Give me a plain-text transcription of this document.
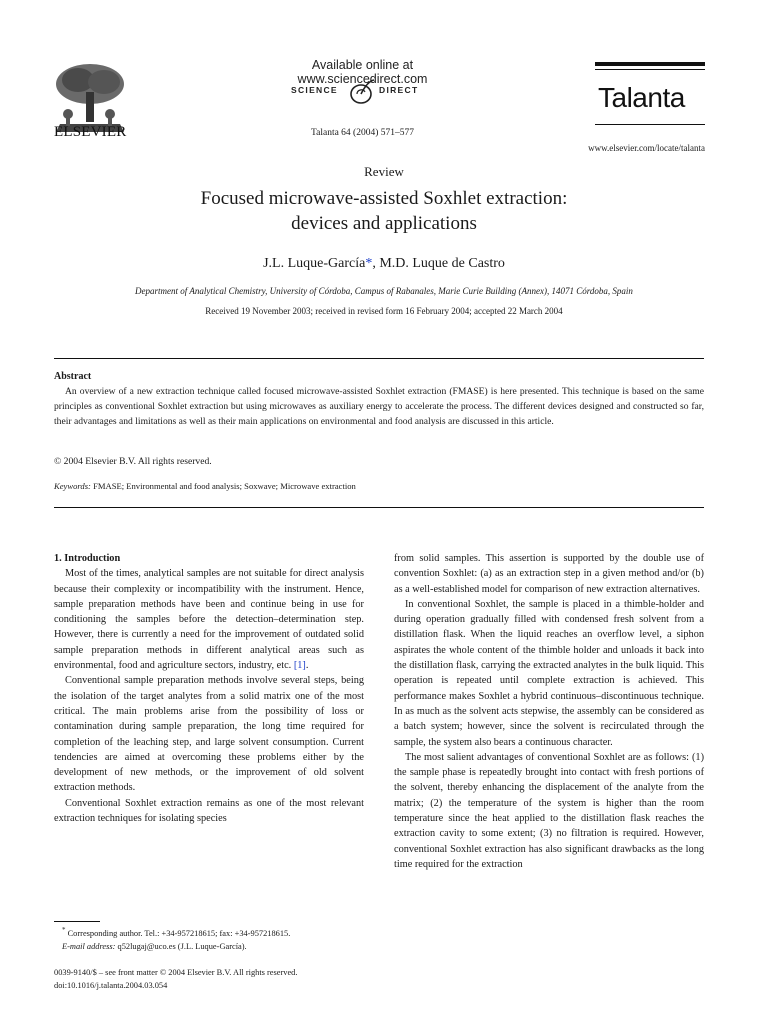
ELSEVIER
Available online at www.sciencedirect.com
SCIENCE	DIRECT
Talanta 64 (2004) 571–577
Talanta
www.elsevier.com/locate/talanta
Review
Focused microwave-assisted Soxhlet extraction:
devices and applications
J.L. Luque-García*, M.D. Luque de Castro
Department of Analytical Chemistry, University of Córdoba, Campus of Rabanales, Marie Curie Building (Annex), 14071 Córdoba, Spain
Received 19 November 2003; received in revised form 16 February 2004; accepted 22 March 2004
Abstract
An overview of a new extraction technique called focused microwave-assisted Soxhlet extraction (FMASE) is here presented. This technique is based on the same principles as conventional Soxhlet extraction but using microwaves as auxiliary energy to accelerate the process. The different devices designed and constructed so far, their advantages and limitations as well as their main applications on environmental and food analysis are discussed in this article.
© 2004 Elsevier B.V. All rights reserved.
Keywords: FMASE; Environmental and food analysis; Soxwave; Microwave extraction

1. Introduction

Most of the times, analytical samples are not suitable for direct analysis because their complexity or incompatibility with the instrument. Hence, sample preparation methods have been and continue being in use for conditioning the samples before the detection–determination step. However, there is currently a need for the improvement of outdated solid sample preparation methods in different analytical areas such as environmental, food and agriculture sectors, industry, etc. [1].

Conventional sample preparation methods involve several steps, being the isolation of the target analytes from a solid matrix one of the most critical. The main problems arise from the possibility of loss or contamination during sample preparation, the long time required for completion of the leaching step, and large solvent consumption. Current tendencies are aimed at overcoming these problems either by the development of new methods, or the improvement of old solvent extraction methods.

Conventional Soxhlet extraction remains as one of the most relevant extraction techniques for isolating species

from solid samples. This assertion is supported by the double use of convention Soxhlet: (a) as an extraction step in a given method and/or (b) as a well-established model for comparison of new extraction alternatives.

In conventional Soxhlet, the sample is placed in a thimble-holder and during operation gradually filled with condensed fresh solvent from a distillation flask. When the liquid reaches an overflow level, a siphon aspirates the whole content of the thimble holder and unloads it back into the distillation flask, carrying the extracted analytes in the bulk liquid. This operation is repeated until complete extraction is achieved. This performance makes Soxhlet a hybrid continuous–discontinuous technique. In as much as the solvent acts stepwise, the assembly can be considered as a batch system; however, since the solvent is recirculated through the sample, the system also bears a continuous character.

The most salient advantages of conventional Soxhlet are as follows: (1) the sample phase is repeatedly brought into contact with fresh portions of the solvent, thereby enhancing the displacement of the analyte from the matrix; (2) the temperature of the system is higher than the room temperature since the heat applied to the distillation flask reaches the extraction cavity to some extent; (3) no filtration is required. However, conventional Soxhlet extraction has also significant drawbacks as the long time required for the extraction

* Corresponding author. Tel.: +34-957218615; fax: +34-957218615.
E-mail address: q52lugaj@uco.es (J.L. Luque-García).
0039-9140/$ – see front matter © 2004 Elsevier B.V. All rights reserved.
doi:10.1016/j.talanta.2004.03.054
